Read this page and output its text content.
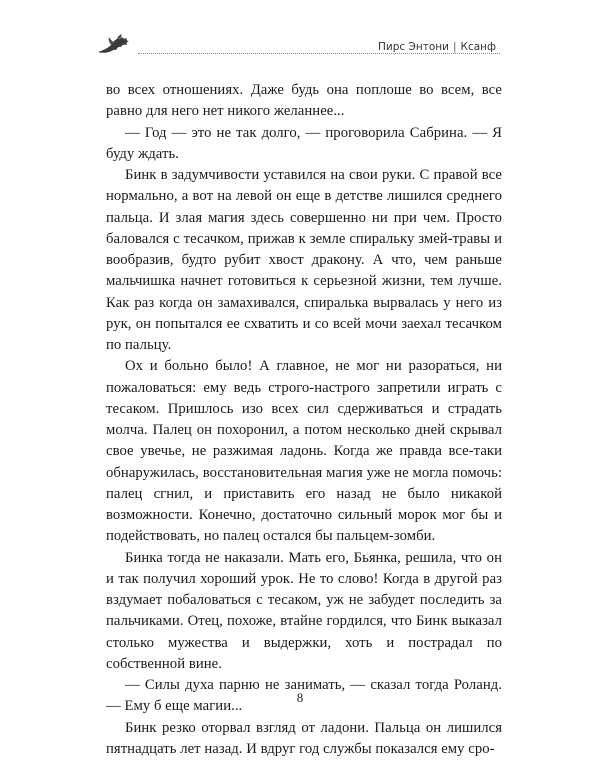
Пирс Энтони | Ксанф

во всех отношениях. Даже будь она поплоше во всем, все равно для него нет никого желаннее...

— Год — это не так долго, — проговорила Сабрина. — Я буду ждать.

Бинк в задумчивости уставился на свои руки. С правой все нормально, а вот на левой он еще в детстве лишился среднего пальца. И злая магия здесь совершенно ни при чем. Просто баловался с тесачком, прижав к земле спиральку змей-травы и вообразив, будто рубит хвост дракону. А что, чем раньше мальчишка начнет готовиться к серьезной жизни, тем лучше. Как раз когда он замахивался, спиралька вырвалась у него из рук, он попытался ее схватить и со всей мочи заехал тесачком по пальцу.

Ох и больно было! А главное, не мог ни разораться, ни пожаловаться: ему ведь строго-настрого запретили играть с тесаком. Пришлось изо всех сил сдерживаться и страдать молча. Палец он похоронил, а потом несколько дней скрывал свое увечье, не разжимая ладонь. Когда же правда все-таки обнаружилась, восстановительная магия уже не могла помочь: палец сгнил, и приставить его назад не было никакой возможности. Конечно, достаточно сильный морок мог бы и подействовать, но палец остался бы пальцем-зомби.

Бинка тогда не наказали. Мать его, Бьянка, решила, что он и так получил хороший урок. Не то слово! Когда в другой раз вздумает побаловаться с тесаком, уж не забудет последить за пальчиками. Отец, похоже, втайне гордился, что Бинк выказал столько мужества и выдержки, хоть и пострадал по собственной вине.

— Силы духа парню не занимать, — сказал тогда Роланд. — Ему б еще магии...

Бинк резко оторвал взгляд от ладони. Пальца он лишился пятнадцать лет назад. И вдруг год службы показался ему сро-

8
